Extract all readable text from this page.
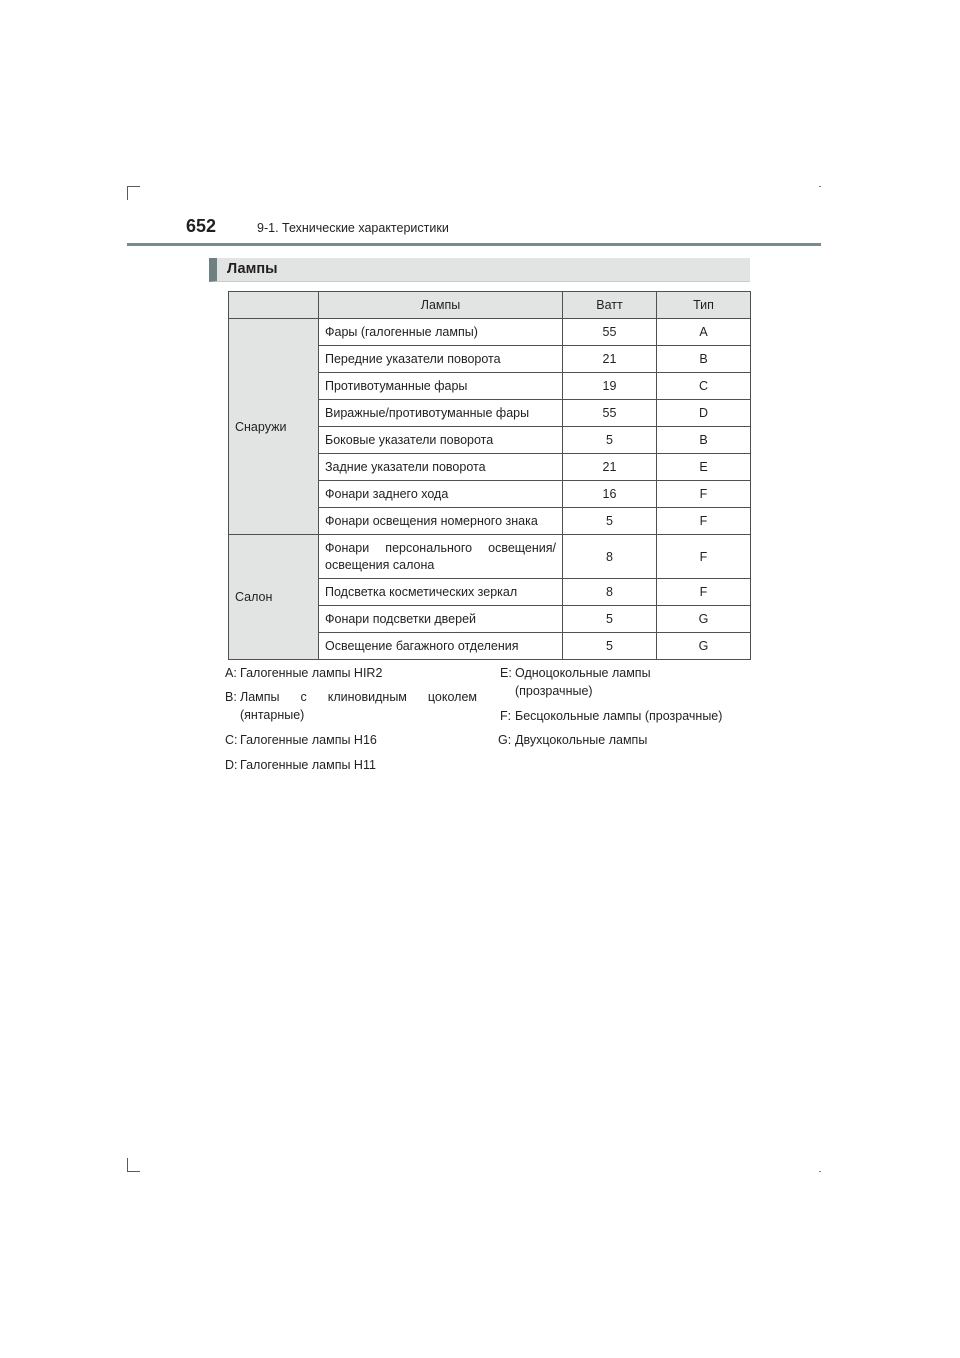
652	9-1. Технические характеристики
Лампы
	Лампы	Ватт	Тип
Снаружи	Фары (галогенные лампы)	55	A
	Передние указатели поворота	21	B
	Противотуманные фары	19	C
	Виражные/противотуманные фары	55	D
	Боковые указатели поворота	5	B
	Задние указатели поворота	21	E
	Фонари заднего хода	16	F
	Фонари освещения номерного знака	5	F
Салон	Фонари персонального освещения/ освещения салона	8	F
	Подсветка косметических зеркал	8	F
	Фонари подсветки дверей	5	G
	Освещение багажного отделения	5	G
A: Галогенные лампы HIR2
B: Лампы с клиновидным цоколем
(янтарные)
C: Галогенные лампы H16
D: Галогенные лампы H11
E: Одноцокольные лампы
(прозрачные)
F: Бесцокольные лампы (прозрачные)
G: Двухцокольные лампы
